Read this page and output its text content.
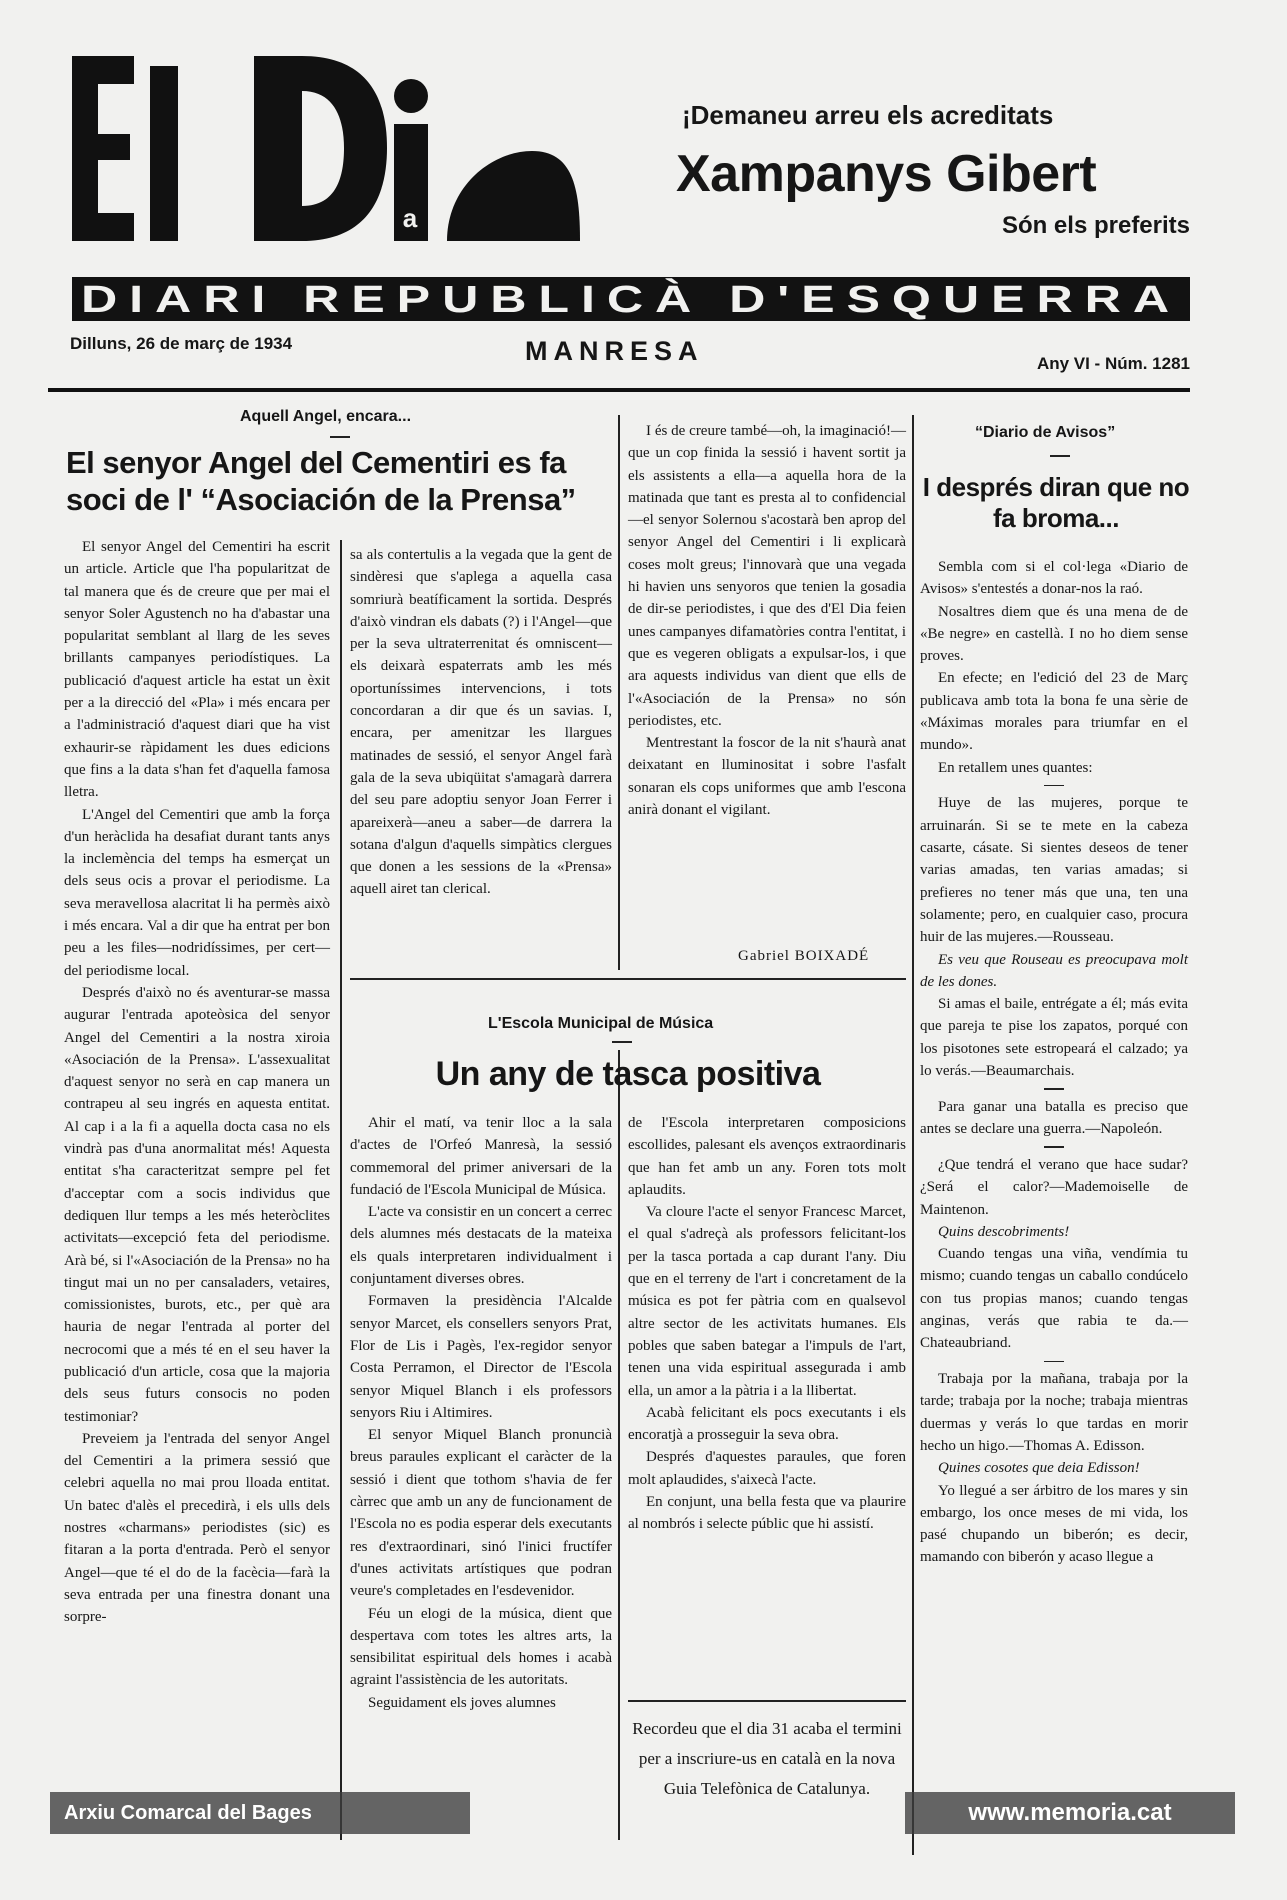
a
¡Demaneu arreu els acreditats
Xampanys Gibert
Són els preferits
DIARI REPUBLICÀ D'ESQUERRA
Dilluns, 26 de març de 1934	MANRESA	Any VI - Núm. 1281
Aquell Angel, encara...
El senyor Angel del Cementiri es fa soci de l' “Asociación de la Prensa”

El senyor Angel del Cementiri ha escrit un article. Article que l'ha popularitzat de tal manera que és de creure que per mai el senyor Soler Agustench no ha d'abastar una popularitat semblant al llarg de les seves brillants campanyes periodístiques. La publicació d'aquest article ha estat un èxit per a la direcció del «Pla» i més encara per a l'administració d'aquest diari que ha vist exhaurir-se ràpidament les dues edicions que fins a la data s'han fet d'aquella famosa lletra.

L'Angel del Cementiri que amb la força d'un heràclida ha desafiat durant tants anys la inclemència del temps ha esmerçat un dels seus ocis a provar el periodisme. La seva meravellosa alacritat li ha permès això i més encara. Val a dir que ha entrat per bon peu a les files—nodridíssimes, per cert—del periodisme local.

Després d'això no és aventurar-se massa augurar l'entrada apoteòsica del senyor Angel del Cementiri a la nostra xiroia «Asociación de la Prensa». L'assexualitat d'aquest senyor no serà en cap manera un contrapeu al seu ingrés en aquesta entitat. Al cap i a la fi a aquella docta casa no els vindrà pas d'una anormalitat més! Aquesta entitat s'ha caracteritzat sempre pel fet d'acceptar com a socis individus que dediquen llur temps a les més heteròclites activitats—excepció feta del periodisme. Arà bé, si l'«Asociación de la Prensa» no ha tingut mai un no per cansaladers, vetaires, comissionistes, burots, etc., per què ara hauria de negar l'entrada al porter del necrocomi que a més té en el seu haver la publicació d'un article, cosa que la majoria dels seus futurs consocis no poden testimoniar?

Preveiem ja l'entrada del senyor Angel del Cementiri a la primera sessió que celebri aquella no mai prou lloada entitat. Un batec d'alès el precedirà, i els ulls dels nostres «charmans» periodistes (sic) es fitaran a la porta d'entrada. Però el senyor Angel—que té el do de la facècia—farà la seva entrada per una finestra donant una sorpre-

sa als contertulis a la vegada que la gent de sindèresi que s'aplega a aquella casa somriurà beatíficament la sortida. Després d'això vindran els dabats (?) i l'Angel—que per la seva ultraterrenitat és omniscent—els deixarà espaterrats amb les més oportuníssimes intervencions, i tots concordaran a dir que és un savias. I, encara, per amenitzar les llargues matinades de sessió, el senyor Angel farà gala de la seva ubiqüitat s'amagarà darrera del seu pare adoptiu senyor Joan Ferrer i apareixerà—aneu a saber—de darrera la sotana d'algun d'aquells simpàtics clergues que donen a les sessions de la «Prensa» aquell airet tan clerical.

I és de creure també—oh, la imaginació!—que un cop finida la sessió i havent sortit ja els assistents a ella—a aquella hora de la matinada que tant es presta al to confidencial—el senyor Solernou s'acostarà ben aprop del senyor Angel del Cementiri i li explicarà coses molt greus; l'innovarà que una vegada hi havien uns senyoros que tenien la gosadia de dir-se periodistes, i que des d'El Dia feien unes campanyes difamatòries contra l'entitat, i que es vegeren obligats a expulsar-los, i que ara aquests individus van dient que ells de l'«Asociación de la Prensa» no són periodistes, etc.

Mentrestant la foscor de la nit s'haurà anat deixatant en lluminositat i sobre l'asfalt sonaran els cops uniformes que amb l'escona anirà donant el vigilant.

Gabriel BOIXADÉ
L'Escola Municipal de Música
Un any de tasca positiva

Ahir el matí, va tenir lloc a la sala d'actes de l'Orfeó Manresà, la sessió commemoral del primer aniversari de la fundació de l'Escola Municipal de Música.

L'acte va consistir en un concert a cerrec dels alumnes més destacats de la mateixa els quals interpretaren individualment i conjuntament diverses obres.

Formaven la presidència l'Alcalde senyor Marcet, els consellers senyors Prat, Flor de Lis i Pagès, l'ex-regidor senyor Costa Perramon, el Director de l'Escola senyor Miquel Blanch i els professors senyors Riu i Altimires.

El senyor Miquel Blanch pronuncià breus paraules explicant el caràcter de la sessió i dient que tothom s'havia de fer càrrec que amb un any de funcionament de l'Escola no es podia esperar dels executants res d'extraordinari, sinó l'inici fructífer d'unes activitats artístiques que podran veure's completades en l'esdevenidor.

Féu un elogi de la música, dient que despertava com totes les altres arts, la sensibilitat espiritual dels homes i acabà agraint l'assistència de les autoritats.

Seguidament els joves alumnes

de l'Escola interpretaren composicions escollides, palesant els avenços extraordinaris que han fet amb un any. Foren tots molt aplaudits.

Va cloure l'acte el senyor Francesc Marcet, el qual s'adreçà als professors felicitant-los per la tasca portada a cap durant l'any. Diu que en el terreny de l'art i concretament de la música es pot fer pàtria com en qualsevol altre sector de les activitats humanes. Els pobles que saben bategar a l'impuls de l'art, tenen una vida espiritual assegurada i amb ella, un amor a la pàtria i a la llibertat.

Acabà felicitant els pocs executants i els encoratjà a prosseguir la seva obra.

Després d'aquestes paraules, que foren molt aplaudides, s'aixecà l'acte.

En conjunt, una bella festa que va plaurire al nombrós i selecte públic que hi assistí.

Recordeu que el dia 31 acaba el termini per a inscriure-us en català en la nova Guia Telefònica de Catalunya.
“Diario de Avisos”
I després diran que no fa broma...

Sembla com si el col·lega «Diario de Avisos» s'entestés a donar-nos la raó.

Nosaltres diem que és una mena de de «Be negre» en castellà. I no ho diem sense proves.

En efecte; en l'edició del 23 de Març publicava amb tota la bona fe una sèrie de «Máximas morales para triumfar en el mundo».

En retallem unes quantes:

Huye de las mujeres, porque te arruinarán. Si se te mete en la cabeza casarte, cásate. Si sientes deseos de tener varias amadas, ten varias amadas; si prefieres no tener más que una, ten una solamente; pero, en cualquier caso, procura huir de las mujeres.—Rousseau.

Es veu que Rouseau es preocupava molt de les dones.

Si amas el baile, entrégate a él; más evita que pareja te pise los zapatos, porqué con los pisotones sete estropeará el calzado; ya lo verás.—Beaumarchais.

Para ganar una batalla es preciso que antes se declare una guerra.—Napoleón.

¿Que tendrá el verano que hace sudar? ¿Será el calor?—Mademoiselle de Maintenon.

Quins descobriments!

Cuando tengas una viña, vendímia tu mismo; cuando tengas un caballo condúcelo con tus propias manos; cuando tengas anginas, verás que rabia te da.—Chateaubriand.

Trabaja por la mañana, trabaja por la tarde; trabaja por la noche; trabaja mientras duermas y verás lo que tardas en morir hecho un higo.—Thomas A. Edisson.

Quines cosotes que deia Edisson!

Yo llegué a ser árbitro de los mares y sin embargo, los once meses de mi vida, los pasé chupando un biberón; es decir, mamando con biberón y acaso llegue a

Arxiu Comarcal del Bages	www.memoria.cat
